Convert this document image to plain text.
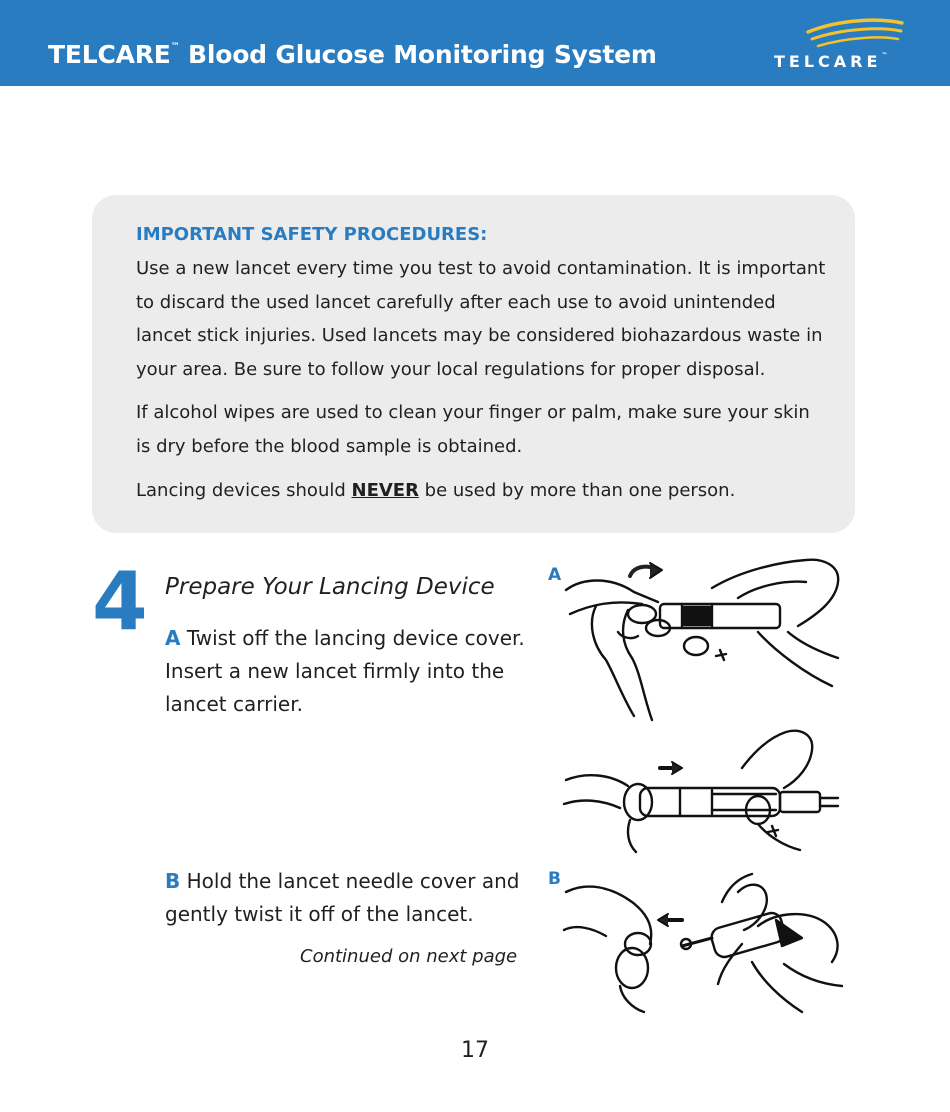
TELCARE™ Blood Glucose Monitoring System	TELCARE™
IMPORTANT SAFETY PROCEDURES:

Use a new lancet every time you test to avoid contamination. It is important to discard the used lancet carefully after each use to avoid unintended lancet stick injuries. Used lancets may be considered biohazardous waste in your area. Be sure to follow your local regulations for proper disposal.

If alcohol wipes are used to clean your finger or palm, make sure your skin is dry before the blood sample is obtained.

Lancing devices should NEVER be used by more than one person.

4 Prepare Your Lancing Device

A Twist off the lancing device cover. Insert a new lancet firmly into the lancet carrier.

B Hold the lancet needle cover and gently twist it off of the lancet.

Continued on next page
A
B
17
